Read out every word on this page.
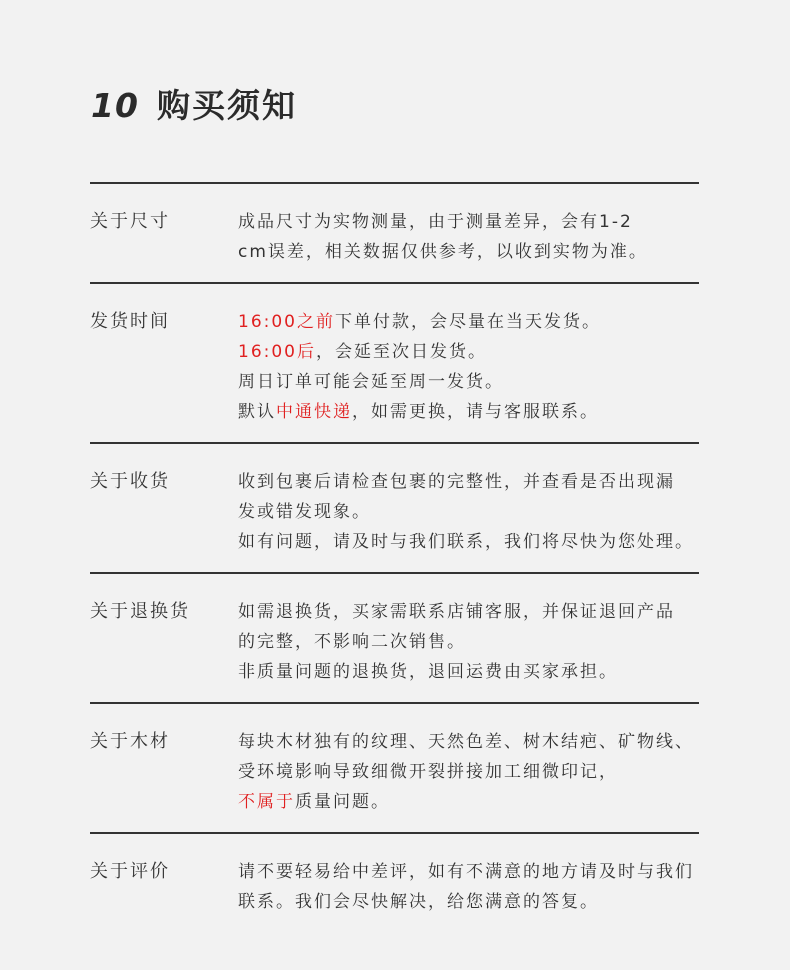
10 购买须知
关于尺寸	成品尺寸为实物测量，由于测量差异，会有1-2
cm误差，相关数据仅供参考，以收到实物为准。
发货时间	16:00之前下单付款，会尽量在当天发货。
16:00后，会延至次日发货。
周日订单可能会延至周一发货。
默认中通快递，如需更换，请与客服联系。
关于收货	收到包裹后请检查包裹的完整性，并查看是否出现漏
发或错发现象。
如有问题，请及时与我们联系，我们将尽快为您处理。
关于退换货	如需退换货，买家需联系店铺客服，并保证退回产品
的完整，不影响二次销售。
非质量问题的退换货，退回运费由买家承担。
关于木材	每块木材独有的纹理、天然色差、树木结疤、矿物线、
受环境影响导致细微开裂拼接加工细微印记，
不属于质量问题。
关于评价	请不要轻易给中差评，如有不满意的地方请及时与我们
联系。我们会尽快解决，给您满意的答复。
